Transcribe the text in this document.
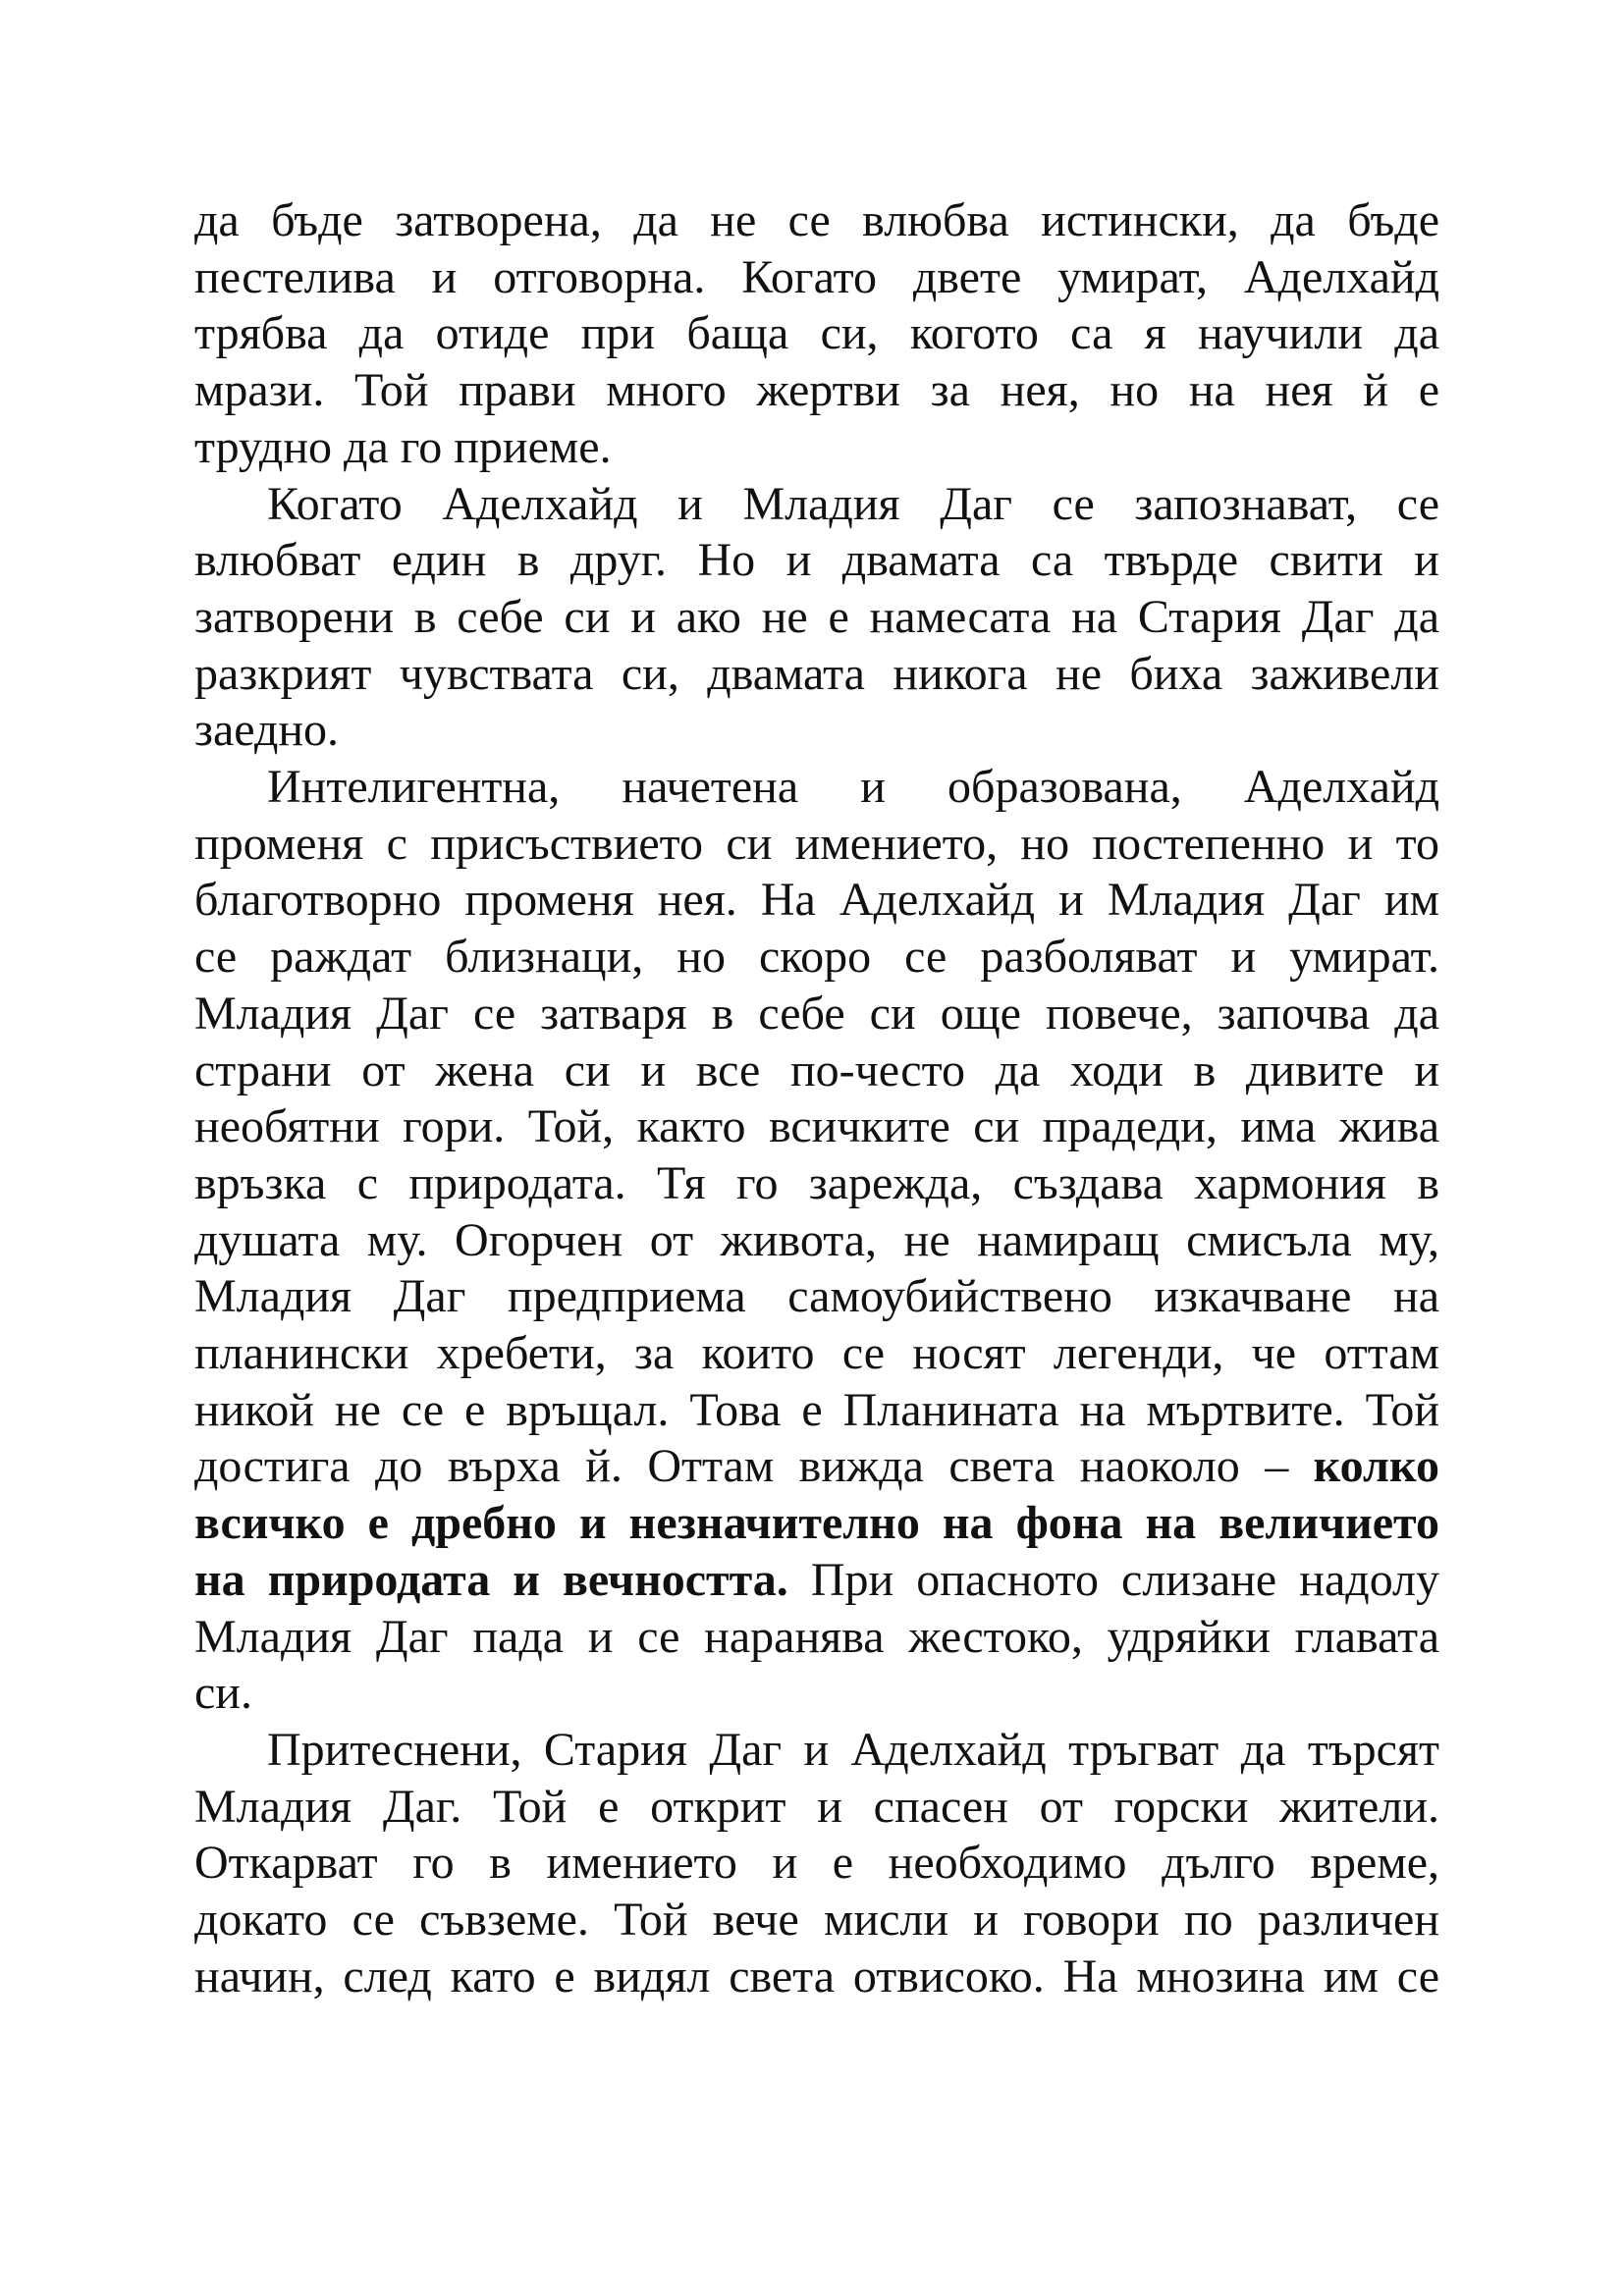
да бъде затворена, да не се влюбва истински, да бъде
пестелива и отговорна. Когато двете умират, Аделхайд
трябва да отиде при баща си, когото са я научили да
мрази. Той прави много жертви за нея, но на нея й е
трудно да го приеме.
Когато Аделхайд и Младия Даг се запознават, се
влюбват един в друг. Но и двамата са твърде свити и
затворени в себе си и ако не е намесата на Стария Даг да
разкрият чувствата си, двамата никога не биха заживели
заедно.
Интелигентна, начетена и образована, Аделхайд
променя с присъствието си имението, но постепенно и то
благотворно променя нея. На Аделхайд и Младия Даг им
се раждат близнаци, но скоро се разболяват и умират.
Младия Даг се затваря в себе си още повече, започва да
страни от жена си и все по-често да ходи в дивите и
необятни гори. Той, както всичките си прадеди, има жива
връзка с природата. Тя го зарежда, създава хармония в
душата му. Огорчен от живота, не намиращ смисъла му,
Младия Даг предприема самоубийствено изкачване на
планински хребети, за които се носят легенди, че оттам
никой не се е връщал. Това е Планината на мъртвите. Той
достига до върха й. Оттам вижда света наоколо – колко
всичко е дребно и незначително на фона на величието
на природата и вечността. При опасното слизане надолу
Младия Даг пада и се наранява жестоко, удряйки главата
си.
Притеснени, Стария Даг и Аделхайд тръгват да търсят
Младия Даг. Той е открит и спасен от горски жители.
Откарват го в имението и е необходимо дълго време,
докато се съвземе. Той вече мисли и говори по различен
начин, след като е видял света отвисоко. На мнозина им се
